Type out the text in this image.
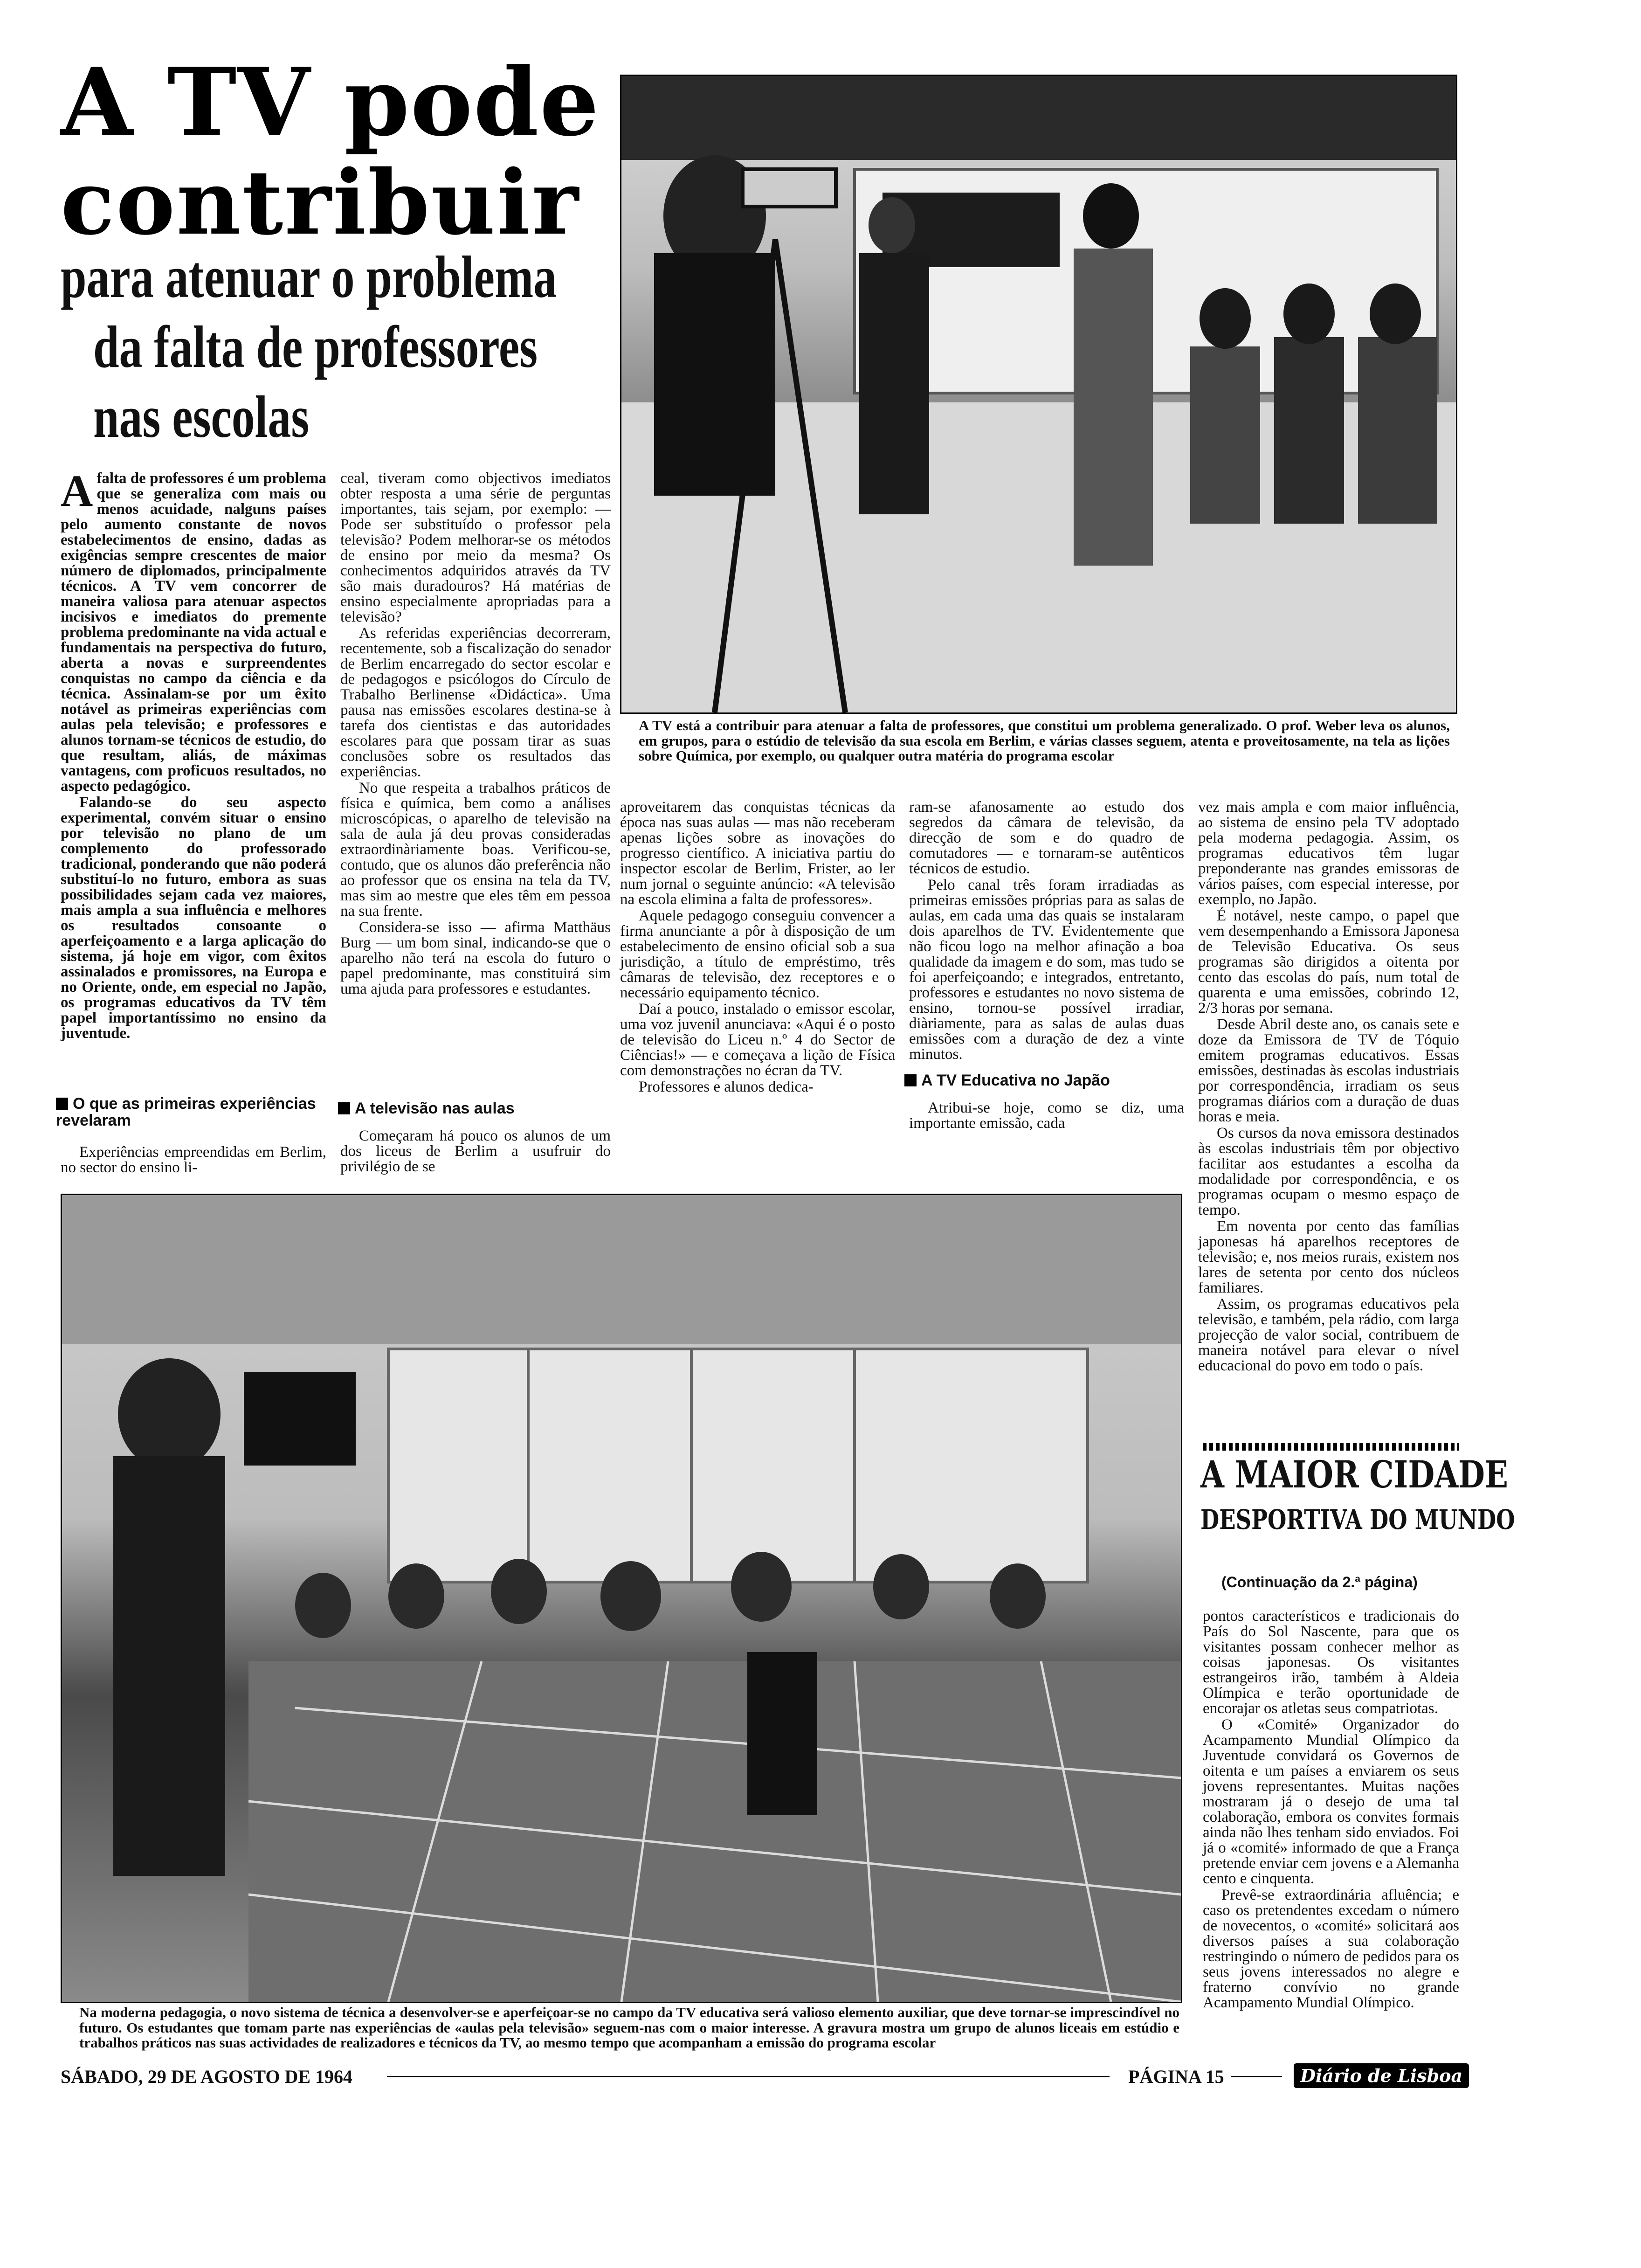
A TV pode
contribuir
para atenuar o problema
da falta de professores
nas escolas
A TV está a contribuir para atenuar a falta de professores, que constitui um problema generalizado. O prof. Weber leva os alunos, em grupos, para o estúdio de televisão da sua escola em Berlim, e várias classes seguem, atenta e proveitosamente, na tela as lições sobre Química, por exemplo, ou qualquer outra matéria do programa escolar

Afalta de professores é um problema que se generaliza com mais ou menos acuidade, nalguns países pelo aumento constante de novos estabelecimentos de ensino, dadas as exigências sempre crescentes de maior número de diplomados, principalmente técnicos. A TV vem concorrer de maneira valiosa para atenuar aspectos incisivos e imediatos do premente problema predominante na vida actual e fundamentais na perspectiva do futuro, aberta a novas e surpreendentes conquistas no campo da ciência e da técnica. Assinalam-se por um êxito notável as primeiras experiências com aulas pela televisão; e professores e alunos tornam-se técnicos de estudio, do que resultam, aliás, de máximas vantagens, com proficuos resultados, no aspecto pedagógico.

Falando-se do seu aspecto experimental, convém situar o ensino por televisão no plano de um complemento do professorado tradicional, ponderando que não poderá substituí-lo no futuro, embora as suas possibilidades sejam cada vez maiores, mais ampla a sua influência e melhores os resultados consoante o aperfeiçoamento e a larga aplicação do sistema, já hoje em vigor, com êxitos assinalados e promissores, na Europa e no Oriente, onde, em especial no Japão, os programas educativos da TV têm papel importantíssimo no ensino da juventude.

O que as primeiras experiências revelaram

Experiências empreendidas em Berlim, no sector do ensino li-

ceal, tiveram como objectivos imediatos obter resposta a uma série de perguntas importantes, tais sejam, por exemplo: — Pode ser substituído o professor pela televisão? Podem melhorar-se os métodos de ensino por meio da mesma? Os conhecimentos adquiridos através da TV são mais duradouros? Há matérias de ensino especialmente apropriadas para a televisão?

As referidas experiências decorreram, recentemente, sob a fiscalização do senador de Berlim encarregado do sector escolar e de pedagogos e psicólogos do Círculo de Trabalho Berlinense «Didáctica». Uma pausa nas emissões escolares destina-se à tarefa dos cientistas e das autoridades escolares para que possam tirar as suas conclusões sobre os resultados das experiências.

No que respeita a trabalhos práticos de física e química, bem como a análises microscópicas, o aparelho de televisão na sala de aula já deu provas consideradas extraordinàriamente boas. Verificou-se, contudo, que os alunos dão preferência não ao professor que os ensina na tela da TV, mas sim ao mestre que eles têm em pessoa na sua frente.

Considera-se isso — afirma Matthäus Burg — um bom sinal, indicando-se que o aparelho não terá na escola do futuro o papel predominante, mas constituirá sim uma ajuda para professores e estudantes.

A televisão nas aulas

Começaram há pouco os alunos de um dos liceus de Berlim a usufruir do privilégio de se

aproveitarem das conquistas técnicas da época nas suas aulas — mas não receberam apenas lições sobre as inovações do progresso científico. A iniciativa partiu do inspector escolar de Berlim, Frister, ao ler num jornal o seguinte anúncio: «A televisão na escola elimina a falta de professores».

Aquele pedagogo conseguiu convencer a firma anunciante a pôr à disposição de um estabelecimento de ensino oficial sob a sua jurisdição, a título de empréstimo, três câmaras de televisão, dez receptores e o necessário equipamento técnico.

Daí a pouco, instalado o emissor escolar, uma voz juvenil anunciava: «Aqui é o posto de televisão do Liceu n.º 4 do Sector de Ciências!» — e começava a lição de Física com demonstrações no écran da TV.

Professores e alunos dedica-

ram-se afanosamente ao estudo dos segredos da câmara de televisão, da direcção de som e do quadro de comutadores — e tornaram-se autênticos técnicos de estudio.

Pelo canal três foram irradiadas as primeiras emissões próprias para as salas de aulas, em cada uma das quais se instalaram dois aparelhos de TV. Evidentemente que não ficou logo na melhor afinação a boa qualidade da imagem e do som, mas tudo se foi aperfeiçoando; e integrados, entretanto, professores e estudantes no novo sistema de ensino, tornou-se possível irradiar, diàriamente, para as salas de aulas duas emissões com a duração de dez a vinte minutos.

A TV Educativa no Japão

Atribui-se hoje, como se diz, uma importante emissão, cada

vez mais ampla e com maior influência, ao sistema de ensino pela TV adoptado pela moderna pedagogia. Assim, os programas educativos têm lugar preponderante nas grandes emissoras de vários países, com especial interesse, por exemplo, no Japão.

É notável, neste campo, o papel que vem desempenhando a Emissora Japonesa de Televisão Educativa. Os seus programas são dirigidos a oitenta por cento das escolas do país, num total de quarenta e uma emissões, cobrindo 12, 2/3 horas por semana.

Desde Abril deste ano, os canais sete e doze da Emissora de TV de Tóquio emitem programas educativos. Essas emissões, destinadas às escolas industriais por correspondência, irradiam os seus programas diários com a duração de duas horas e meia.

Os cursos da nova emissora destinados às escolas industriais têm por objectivo facilitar aos estudantes a escolha da modalidade por correspondência, e os programas ocupam o mesmo espaço de tempo.

Em noventa por cento das famílias japonesas há aparelhos receptores de televisão; e, nos meios rurais, existem nos lares de setenta por cento dos núcleos familiares.

Assim, os programas educativos pela televisão, e também, pela rádio, com larga projecção de valor social, contribuem de maneira notável para elevar o nível educacional do povo em todo o país.

Na moderna pedagogia, o novo sistema de técnica a desenvolver-se e aperfeiçoar-se no campo da TV educativa será valioso elemento auxiliar, que deve tornar-se imprescindível no futuro. Os estudantes que tomam parte nas experiências de «aulas pela televisão» seguem-nas com o maior interesse. A gravura mostra um grupo de alunos liceais em estúdio e trabalhos práticos nas suas actividades de realizadores e técnicos da TV, ao mesmo tempo que acompanham a emissão do programa escolar
A MAIOR CIDADE
DESPORTIVA DO MUNDO
(Continuação da 2.ª página)

pontos característicos e tradicionais do País do Sol Nascente, para que os visitantes possam conhecer melhor as coisas japonesas. Os visitantes estrangeiros irão, também à Aldeia Olímpica e terão oportunidade de encorajar os atletas seus compatriotas.

O «Comité» Organizador do Acampamento Mundial Olímpico da Juventude convidará os Governos de oitenta e um países a enviarem os seus jovens representantes. Muitas nações mostraram já o desejo de uma tal colaboração, embora os convites formais ainda não lhes tenham sido enviados. Foi já o «comité» informado de que a França pretende enviar cem jovens e a Alemanha cento e cinquenta.

Prevê-se extraordinária afluência; e caso os pretendentes excedam o número de novecentos, o «comité» solicitará aos diversos países a sua colaboração restringindo o número de pedidos para os seus jovens interessados no alegre e fraterno convívio no grande Acampamento Mundial Olímpico.

SÁBADO, 29 DE AGOSTO DE 1964	PÁGINA 15	Diário de Lisboa
